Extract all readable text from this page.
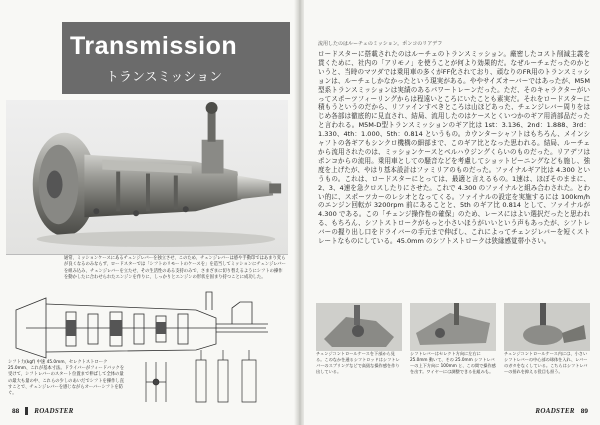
Transmission
トランスミッション
通常、ミッションケースにあるチェンジレバーを独立させ、このため、チェンジレバーは感や手動印ではあまり変らが良くなるのみならず、ロードスターでは「シフトのリモートのケースを」を造当してミッションにチェンジレバーを組み込み、チェンジレバーを立たせ、その生活性のある支持のみで、さまざまに切り替えるようにシフトの操作を動かしたに合わせられたエンジンを作りに、しっかりとエンジンの形状を固まり持つことに成功した。
シフト力(kgf) 中速 45.0mm、セレクトストローク 25.0mm、これが基本寸法。ドライバーがフィードバックを受けて、シフトレバーのスタート位置まで伸ばして全体の量の最大も量の中、これらの少しのあいだでシフトを操作し直すことで、チェンジレバーを感じながらオーバーシフトを防ぐ。
88 ROADSTER
流用したのはルーチェのミッション。ポンコのリアデフ
ロードスターに搭載されたのはルーチェのトランスミッション。厳密したコスト削減主義を貫くために、社内の「アリモノ」を使うことが何より効果的だ。なぜルーチェだったのかというと、当時のマツダでは乗用車の多くがFF化されており、頑なりのFR用のトランスミッションは、ルーチェしかなかったという現実がある。ややサイズオーバーではあったが、M5M型系トランスミッションは実績のあるパワートレーンだった。ただ、そのキャラクターがいってスポーツフィーリングからは程遠いところにいたことも素実だ。それをロードスターに積もうというのだから、リファインすべきところは山ほどあった、チェンジレバー周りをはじめ各部は徹底的に見直され、結局、流用したのはケースとくいつかのギア用消部品だったと言われる。M5M-D型トランスミッションのギア比は 1st：3.136、2nd：1.888、3rd：1.330、4th：1.000、5th：0.814 というもの。カウンターシャフトはもちろん、メインシャフトの各ギアもシンクロ機構の細部まで、このギア比となった思われる。結局、ルーチェから流用されたのは、ミッションケースとベルハウジングくらいのものだった。リアデフはポンコからの流用。乗用車としての騒音などを考慮してショットピーニングなども施し、強度を上げたが、やはり基本設計はファミリアのものだった。ファイナルギア比は 4.300 というもの。これは、ロードスターにとっては、最適と言えるもの。1速は、ほぼそのままに、2、3、4速を急クロスしたりにさせた。これで 4.300 のファイナルと組み合わされた。とわい的に、スポーツカーのレシオとなってくる。ファイナルの設定を実施するには 100km/h のエンジン回転が 3200rpm 前にあることと、5th のギア比 0.814 として、ファイナルが 4.300 である。この「チェンジ操作性の確保」のため、レースにはよい選択だったと思われる、もちろん、シフトストロークがもっと小さいほうがいいという声もあったが、シフトレバーの握り出し口をドライバーの手元まで伸ばし、これによってチェンジレバーを短くストレートなものにしている。45.0mm のシフトストロークは狭縁感覚帯小さい。
チェンジコントロールケースを下部から見る。このなかを通るシフトロッドはシフトレバーのスプリングなどで高級な操作感を作り出している。
シフトレバーはセレクト方向に左右に 25.0mm 動いて、その 25.0mm シフトレバーの上下方向に 100mm と、この間で操作感を出す。ワイヤーには調整できる仕組みも。
チェンジコントロールケース内には、小さいシフトレバーの中心部の球体を入れ、レバーのガタをなくしている。こちらはシフトレバーの揺れを抑える役目も担う。
ROADSTER 89
